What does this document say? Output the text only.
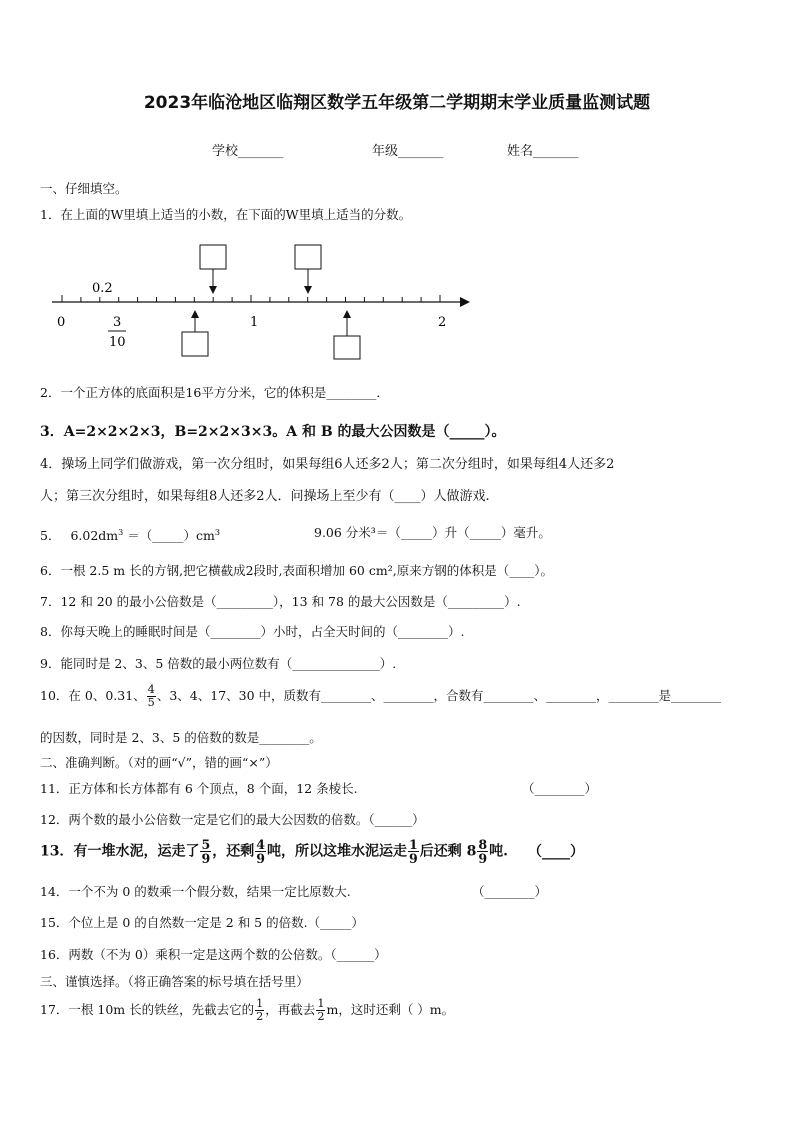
2023年临沧地区临翔区数学五年级第二学期期末学业质量监测试题
学校_______	年级_______	姓名_______
一、仔细填空。
1．在上面的W里填上适当的小数，在下面的W里填上适当的分数。
0.2
0	3
10
1	2
2．一个正方体的底面积是16平方分米，它的体积是________．
3．A=2×2×2×3，B=2×2×3×3。A 和 B 的最大公因数是（_____）。
4．操场上同学们做游戏，第一次分组时，如果每组6人还多2人；第二次分组时，如果每组4人还多2
人；第三次分组时，如果每组8人还多2人．问操场上至少有（____）人做游戏.
5． $6.02dm^3$ $=(\_\_\_\_\_)cm^3$	9.06 分米³＝（_____）升（_____）毫升。
6．一根 2.5 m 长的方钢,把它横截成2段时,表面积增加 60 cm²,原来方钢的体积是（____）。
7．12 和 20 的最小公倍数是（_________），13 和 78 的最大公因数是（_________）.
8．你每天晚上的睡眠时间是（________）小时，占全天时间的（________）.
9．能同时是 2、3、5 倍数的最小两位数有（______________）.
10．在 0、0.31、 $\frac{4}{5}$ 、3、4、17、30 中，质数有________、________，合数有________、________，________是________
的因数，同时是 2、3、5 的倍数的数是________。
二、准确判断。（对的画“√”，错的画“×”）
11．正方体和长方体都有 6 个顶点，8 个面，12 条棱长.	（________）
12．两个数的最小公倍数一定是它们的最大公因数的倍数。（______）
13．有一堆水泥，运走了 $\frac{5}{9}$ ，还剩 $\frac{4}{9}$ 吨，所以这堆水泥运走 $\frac{1}{9}$ 后还剩 $8 \frac{8}{9}$ 吨. （____）
14．一个不为 0 的数乘一个假分数，结果一定比原数大.	（________）
15．个位上是 0 的自然数一定是 2 和 5 的倍数.（_____）
16．两数（不为 0）乘积一定是这两个数的公倍数。（______）
三、谨慎选择。（将正确答案的标号填在括号里）
17．一根 10m 长的铁丝，先截去它的 $\frac{1}{2}$ ，再截去 $\frac{1}{2}$ m，这时还剩（ ）m。
